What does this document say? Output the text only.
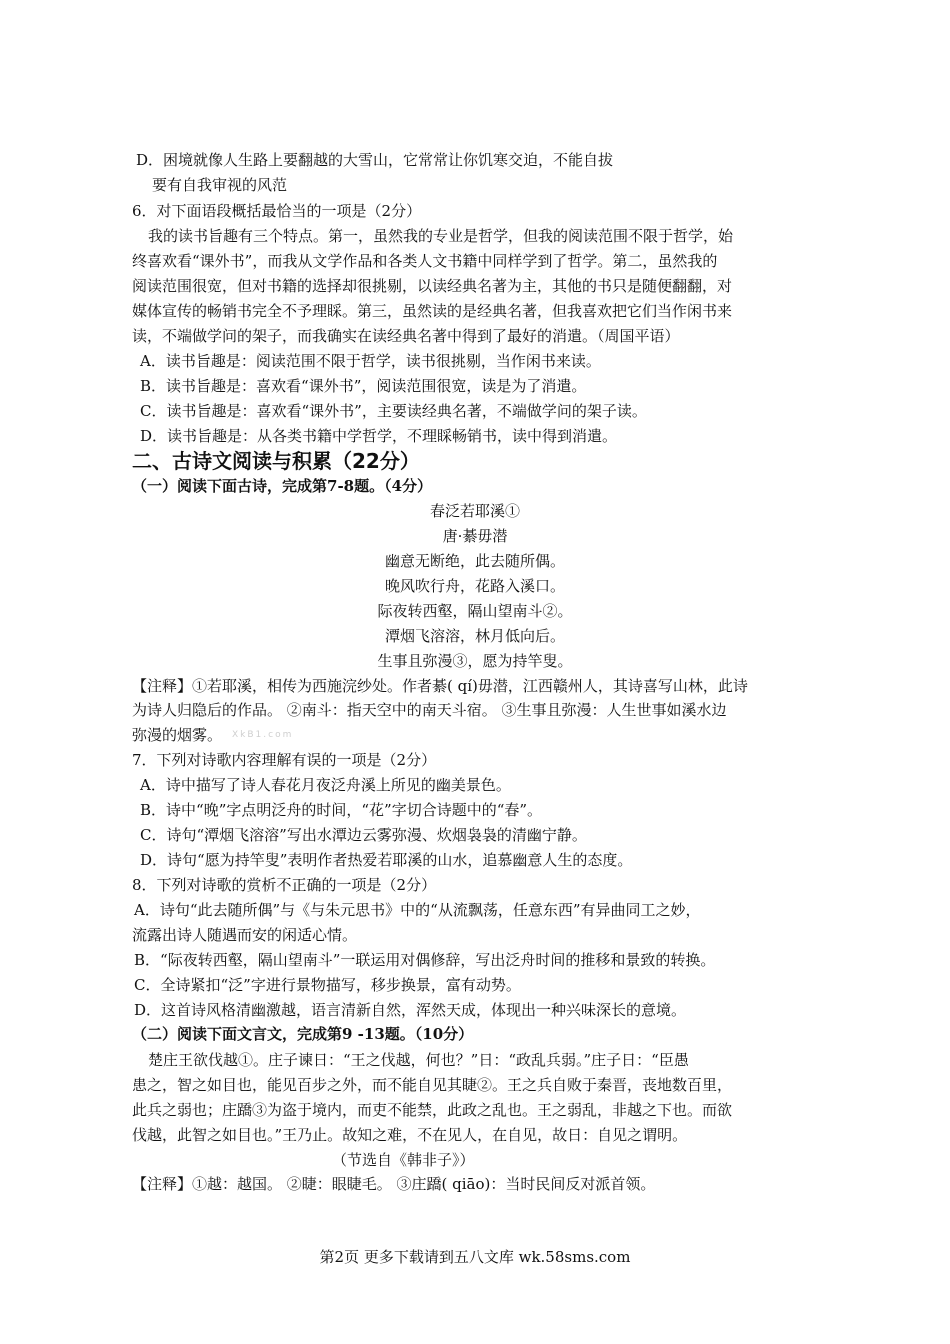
D．困境就像人生路上要翻越的大雪山，它常常让你饥寒交迫，不能自拔
要有自我审视的风范
6．对下面语段概括最恰当的一项是（2分）
我的读书旨趣有三个特点。第一，虽然我的专业是哲学，但我的阅读范围不限于哲学，始
终喜欢看“课外书”，而我从文学作品和各类人文书籍中同样学到了哲学。第二，虽然我的
阅读范围很宽，但对书籍的选择却很挑剔，以读经典名著为主，其他的书只是随便翻翻，对
媒体宣传的畅销书完全不予理睬。第三，虽然读的是经典名著，但我喜欢把它们当作闲书来
读，不端做学问的架子，而我确实在读经典名著中得到了最好的消遣。（周国平语）
A．读书旨趣是：阅读范围不限于哲学，读书很挑剔，当作闲书来读。
B．读书旨趣是：喜欢看“课外书”，阅读范围很宽，读是为了消遣。
C．读书旨趣是：喜欢看“课外书”，主要读经典名著，不端做学问的架子读。
D．读书旨趣是：从各类书籍中学哲学，不理睬畅销书，读中得到消遣。
二、古诗文阅读与积累（22分）
（一）阅读下面古诗，完成第7-8题。（4分）
春泛若耶溪①
唐·綦毋潜
幽意无断绝，此去随所偶。
晚风吹行舟，花路入溪口。
际夜转西壑，隔山望南斗②。
潭烟飞溶溶，林月低向后。
生事且弥漫③，愿为持竿叟。
【注释】①若耶溪，相传为西施浣纱处。作者綦( qí)毋潜，江西赣州人，其诗喜写山林，此诗
为诗人归隐后的作品。 ②南斗：指天空中的南天斗宿。 ③生事且弥漫：人生世事如溪水边
弥漫的烟雾。 XkB1.com
7．下列对诗歌内容理解有误的一项是（2分）
A．诗中描写了诗人春花月夜泛舟溪上所见的幽美景色。
B．诗中“晚”字点明泛舟的时间，“花”字切合诗题中的“春”。
C．诗句“潭烟飞溶溶”写出水潭边云雾弥漫、炊烟袅袅的清幽宁静。
D．诗句“愿为持竿叟”表明作者热爱若耶溪的山水，追慕幽意人生的态度。
8．下列对诗歌的赏析不正确的一项是（2分）
A．诗句“此去随所偶”与《与朱元思书》中的“从流飘荡，任意东西”有异曲同工之妙，
流露出诗人随遇而安的闲适心情。
B．“际夜转西壑，隔山望南斗”一联运用对偶修辞，写出泛舟时间的推移和景致的转换。
C．全诗紧扣“泛”字进行景物描写，移步换景，富有动势。
D．这首诗风格清幽激越，语言清新自然，浑然天成，体现出一种兴味深长的意境。
（二）阅读下面文言文，完成第9 -13题。（10分）
楚庄王欲伐越①。庄子谏日：“王之伐越，何也？”日：“政乱兵弱。”庄子日：“臣愚
患之，智之如目也，能见百步之外，而不能自见其睫②。王之兵自败于秦晋，丧地数百里，
此兵之弱也；庄蹻③为盗于境内，而吏不能禁，此政之乱也。王之弱乱，非越之下也。而欲
伐越，此智之如目也。”王乃止。故知之难，不在见人，在自见，故日：自见之谓明。
（节选自《韩非子》）
【注释】①越：越国。 ②睫：眼睫毛。 ③庄蹻( qiāo)：当时民间反对派首领。
第2页 更多下载请到五八文库 wk.58sms.com
